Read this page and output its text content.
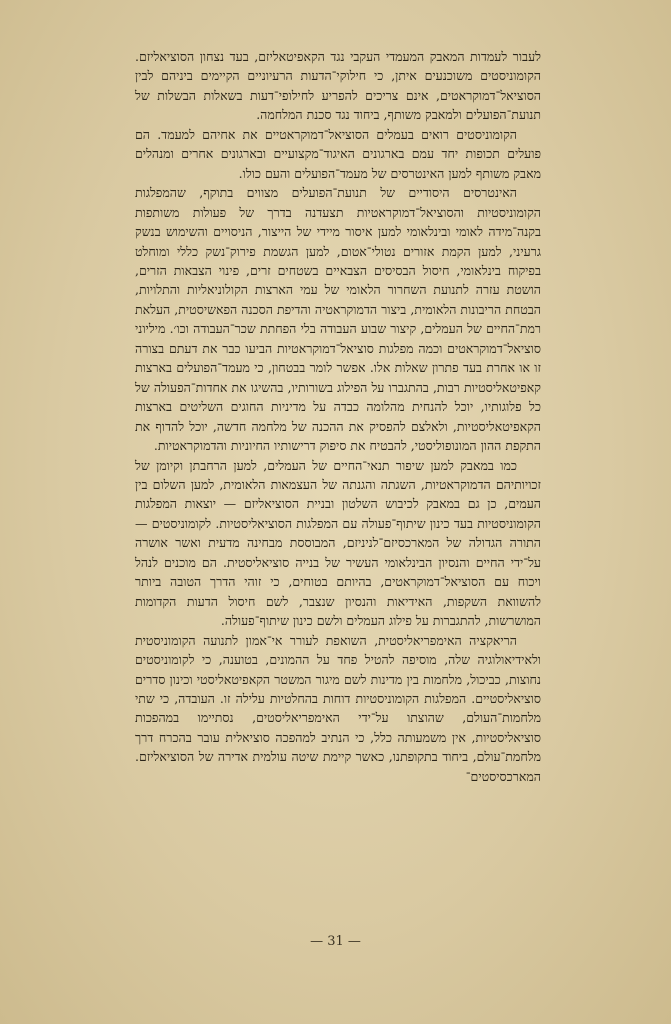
לעבור לעמדות המאבק המעמדי העקבי נגד הקאפיטאליזם, בעד נצחון הסוציאליזם. הקומוניסטים משוכנעים איתן, כי חילוקי־הדעות הרעיוניים הקיימים ביניהם לבין הסוציאל־דמוקראטים, אינם צריכים להפריע לחילופי־דעות בשאלות הבשלות של תנועת־הפועלים ולמאבק משותף, ביחוד נגד סכנת המלחמה.

הקומוניסטים רואים בעמלים הסוציאל־דמוקראטיים את אחיהם למעמד. הם פועלים תכופות יחד עמם בארגונים האיגוד־מקצועיים ובארגונים אחרים ומנהלים מאבק משותף למען האינטרסים של מעמד־הפועלים והעם כולו.

האינטרסים היסודיים של תנועת־הפועלים מצווים בתוקף, שהמפלגות הקומוניסטיות והסוציאל־דמוקראטיות תצעדנה בדרך של פעולות משותפות בקנה־מידה לאומי ובינלאומי למען איסור מיידי של הייצור, הניסויים והשימוש בנשק גרעיני, למען הקמת אזורים נטולי־אטום, למען הגשמת פירוק־נשק כללי ומוחלט בפיקוח בינלאומי, חיסול הבסיסים הצבאיים בשטחים זרים, פינוי הצבאות הזרים, הושטת עזרה לתנועת השחרור הלאומי של עמי הארצות הקולוניאליות והתלויות, הבטחת הריבונות הלאומית, ביצור הדמוקראטיה והדיפת הסכנה הפאשיסטית, העלאת רמת־החיים של העמלים, קיצור שבוע העבודה בלי הפחתת שכר־העבודה וכו׳. מיליוני סוציאל־דמוקראטים וכמה מפלגות סוציאל־דמוקראטיות הביעו כבר את דעתם בצורה זו או אחרת בעד פתרון שאלות אלו. אפשר לומר בבטחון, כי מעמד־הפועלים בארצות קאפיטאליסטיות רבות, בהתגברו על הפילוג בשורותיו, בהשיגו את אחדות־הפעולה של כל פלוגותיו, יוכל להנחית מהלומה כבדה על מדיניות החוגים השליטים בארצות הקאפיטאליסטיות, ולאלצם להפסיק את ההכנה של מלחמה חדשה, יוכל להדוף את התקפת ההון המונופוליסטי, להבטיח את סיפוק דרישותיו החיוניות והדמוקראטיות.

כמו במאבק למען שיפור תנאי־החיים של העמלים, למען הרחבתן וקיומן של זכויותיהם הדמוקראטיות, השגתה והגנתה של העצמאות הלאומית, למען השלום בין העמים, כן גם במאבק לכיבוש השלטון ובניית הסוציאליזם — יוצאות המפלגות הקומוניסטיות בעד כינון שיתוף־פעולה עם המפלגות הסוציאליסטיות. לקומוניסטים — התורה הגדולה של המארכסיזם־לניניזם, המבוססת מבחינה מדעית ואשר אושרה על־ידי החיים והנסיון הבינלאומי העשיר של בנייה סוציאליסטית. הם מוכנים לנהל ויכוח עם הסוציאל־דמוקראטים, בהיותם בטוחים, כי זוהי הדרך הטובה ביותר להשוואת השקפות, האידיאות והנסיון שנצבר, לשם חיסול הדעות הקדומות המושרשות, להתגברות על פילוג העמלים ולשם כינון שיתוף־פעולה.

הריאקציה האימפריאליסטית, השואפת לעורר אי־אמון לתנועה הקומוניסטית ולאידיאולוגיה שלה, מוסיפה להטיל פחד על ההמונים, בטוענה, כי לקומוניסטים נחוצות, כביכול, מלחמות בין מדינות לשם מיגור המשטר הקאפיטאליסטי וכינון סדרים סוציאליסטיים. המפלגות הקומוניסטיות דוחות בהחלטיות עלילה זו. העובדה, כי שתי מלחמות־העולם, שהוצתו על־ידי האימפריאליסטים, נסתיימו במהפכות סוציאליסטיות, אין משמעותה כלל, כי הנתיב למהפכה סוציאלית עובר בהכרח דרך מלחמת־עולם, ביחוד בתקופתנו, כאשר קיימת שיטה עולמית אדירה של הסוציאליזם. המארכסיסטים־

— 31 —
